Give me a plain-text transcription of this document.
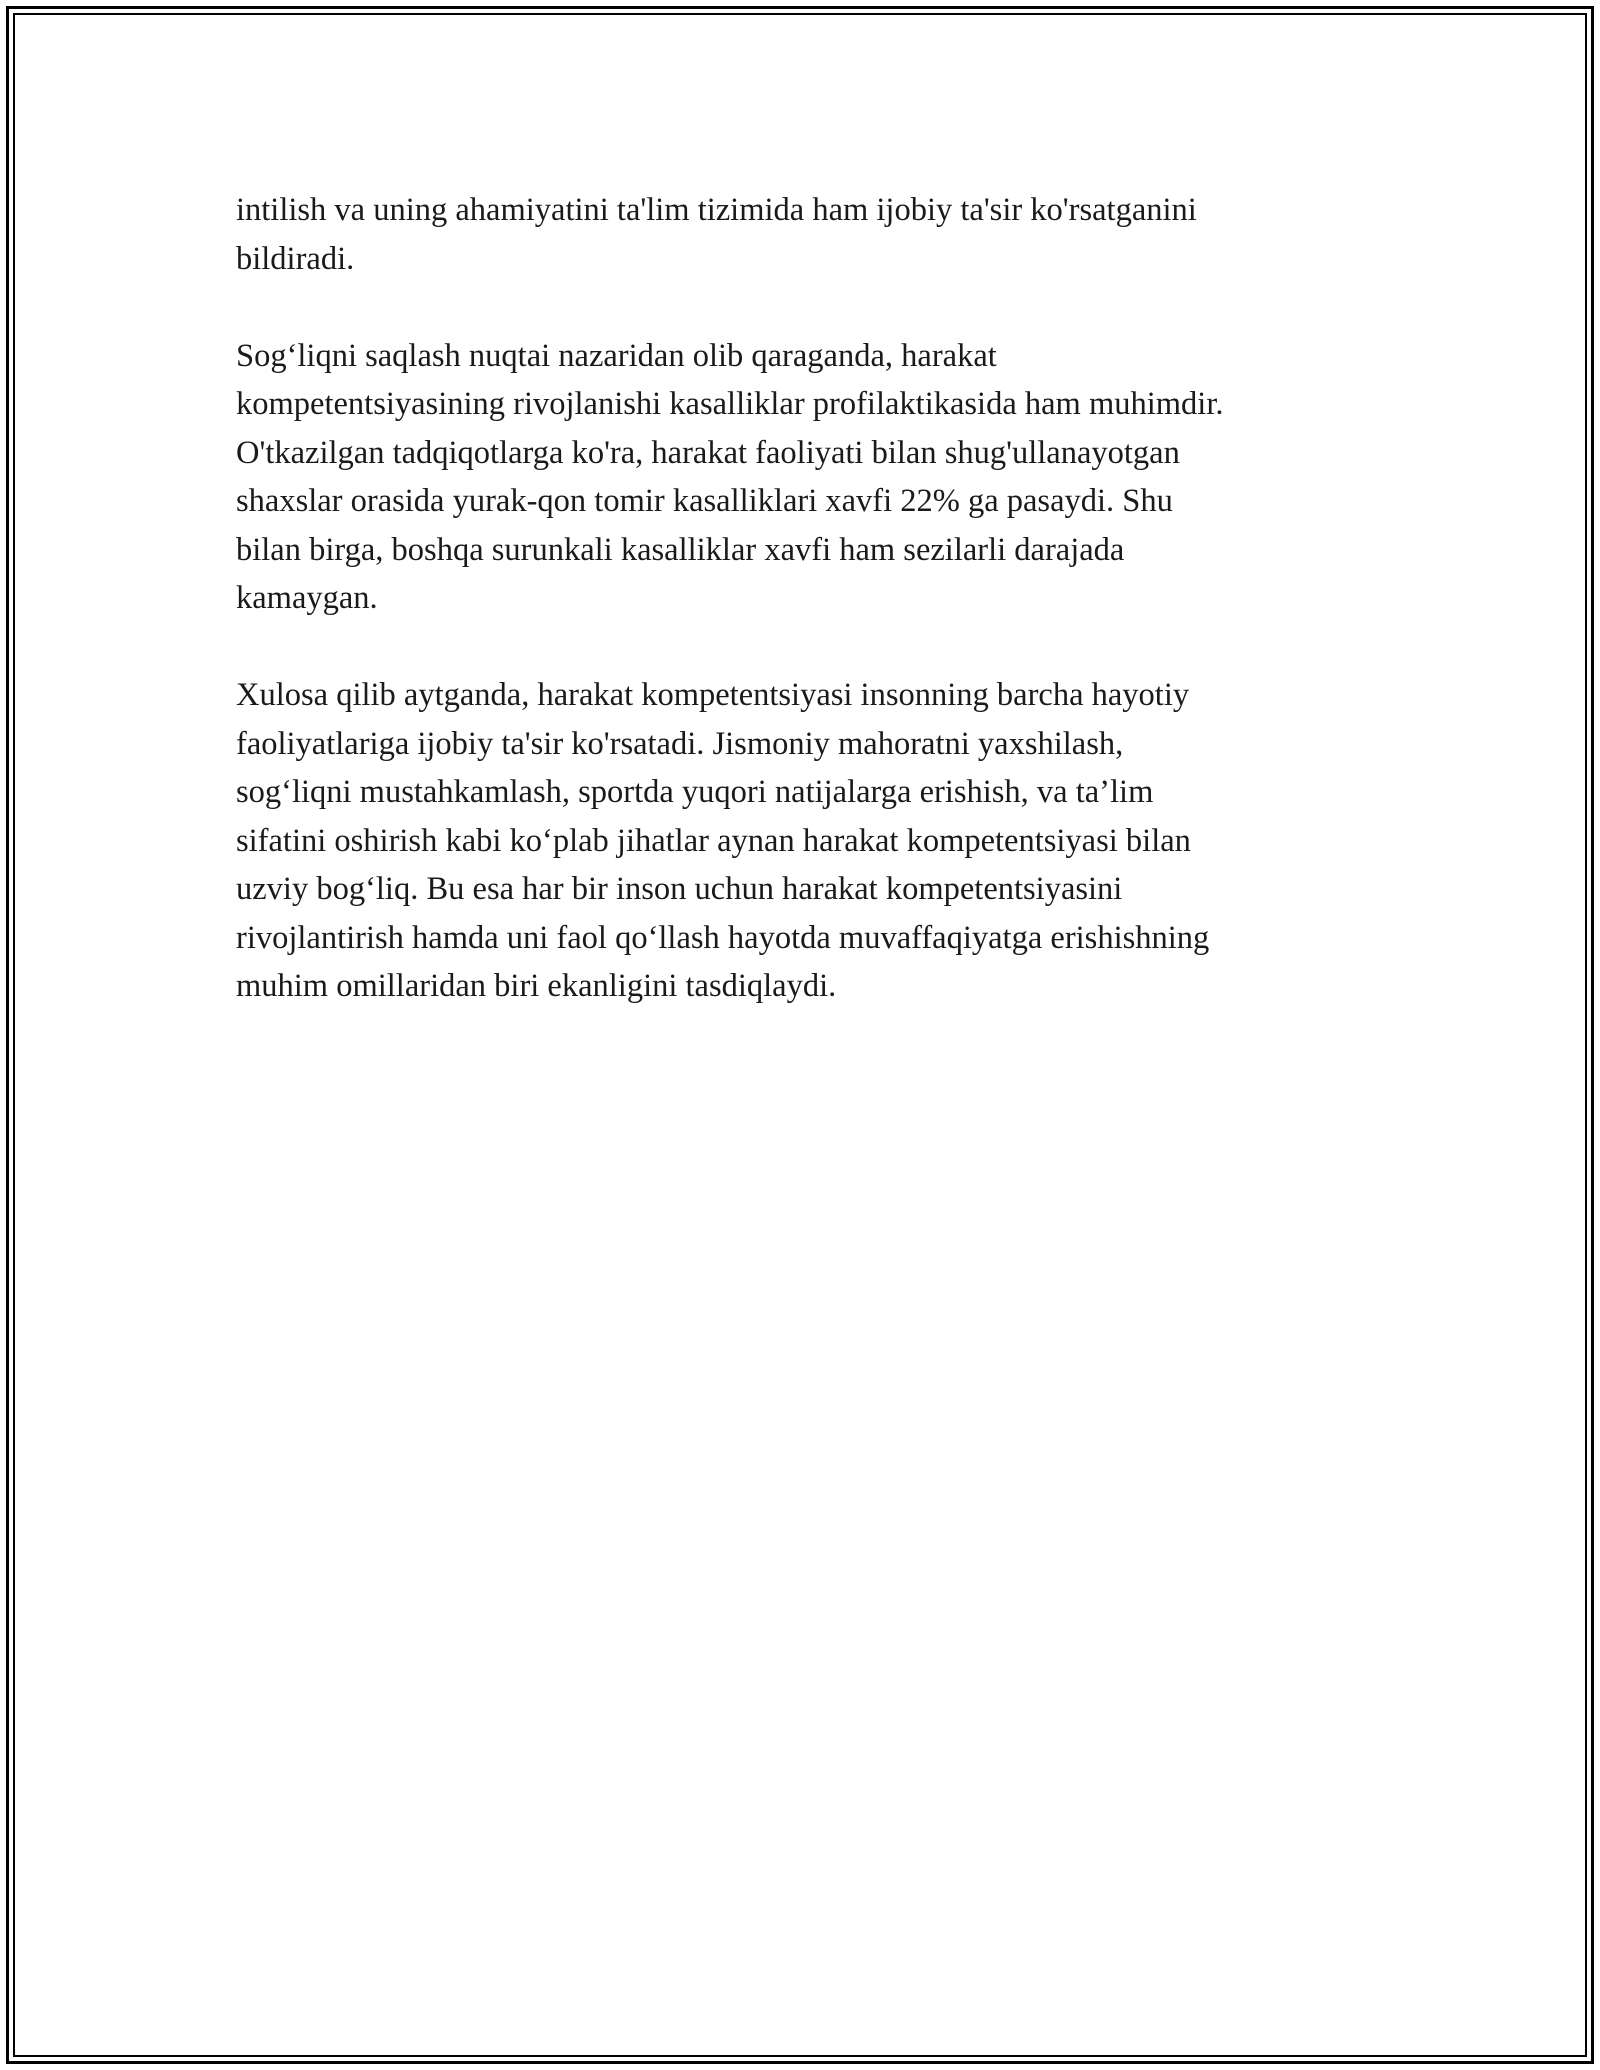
intilish va uning ahamiyatini ta'lim tizimida ham ijobiy ta'sir ko'rsatganini
bildiradi.

Sog‘liqni saqlash nuqtai nazaridan olib qaraganda, harakat
kompetentsiyasining rivojlanishi kasalliklar profilaktikasida ham muhimdir.
O'tkazilgan tadqiqotlarga ko'ra, harakat faoliyati bilan shug'ullanayotgan
shaxslar orasida yurak-qon tomir kasalliklari xavfi 22% ga pasaydi. Shu
bilan birga, boshqa surunkali kasalliklar xavfi ham sezilarli darajada
kamaygan.

Xulosa qilib aytganda, harakat kompetentsiyasi insonning barcha hayotiy
faoliyatlariga ijobiy ta'sir ko'rsatadi. Jismoniy mahoratni yaxshilash,
sog‘liqni mustahkamlash, sportda yuqori natijalarga erishish, va ta’lim
sifatini oshirish kabi ko‘plab jihatlar aynan harakat kompetentsiyasi bilan
uzviy bog‘liq. Bu esa har bir inson uchun harakat kompetentsiyasini
rivojlantirish hamda uni faol qo‘llash hayotda muvaffaqiyatga erishishning
muhim omillaridan biri ekanligini tasdiqlaydi.
